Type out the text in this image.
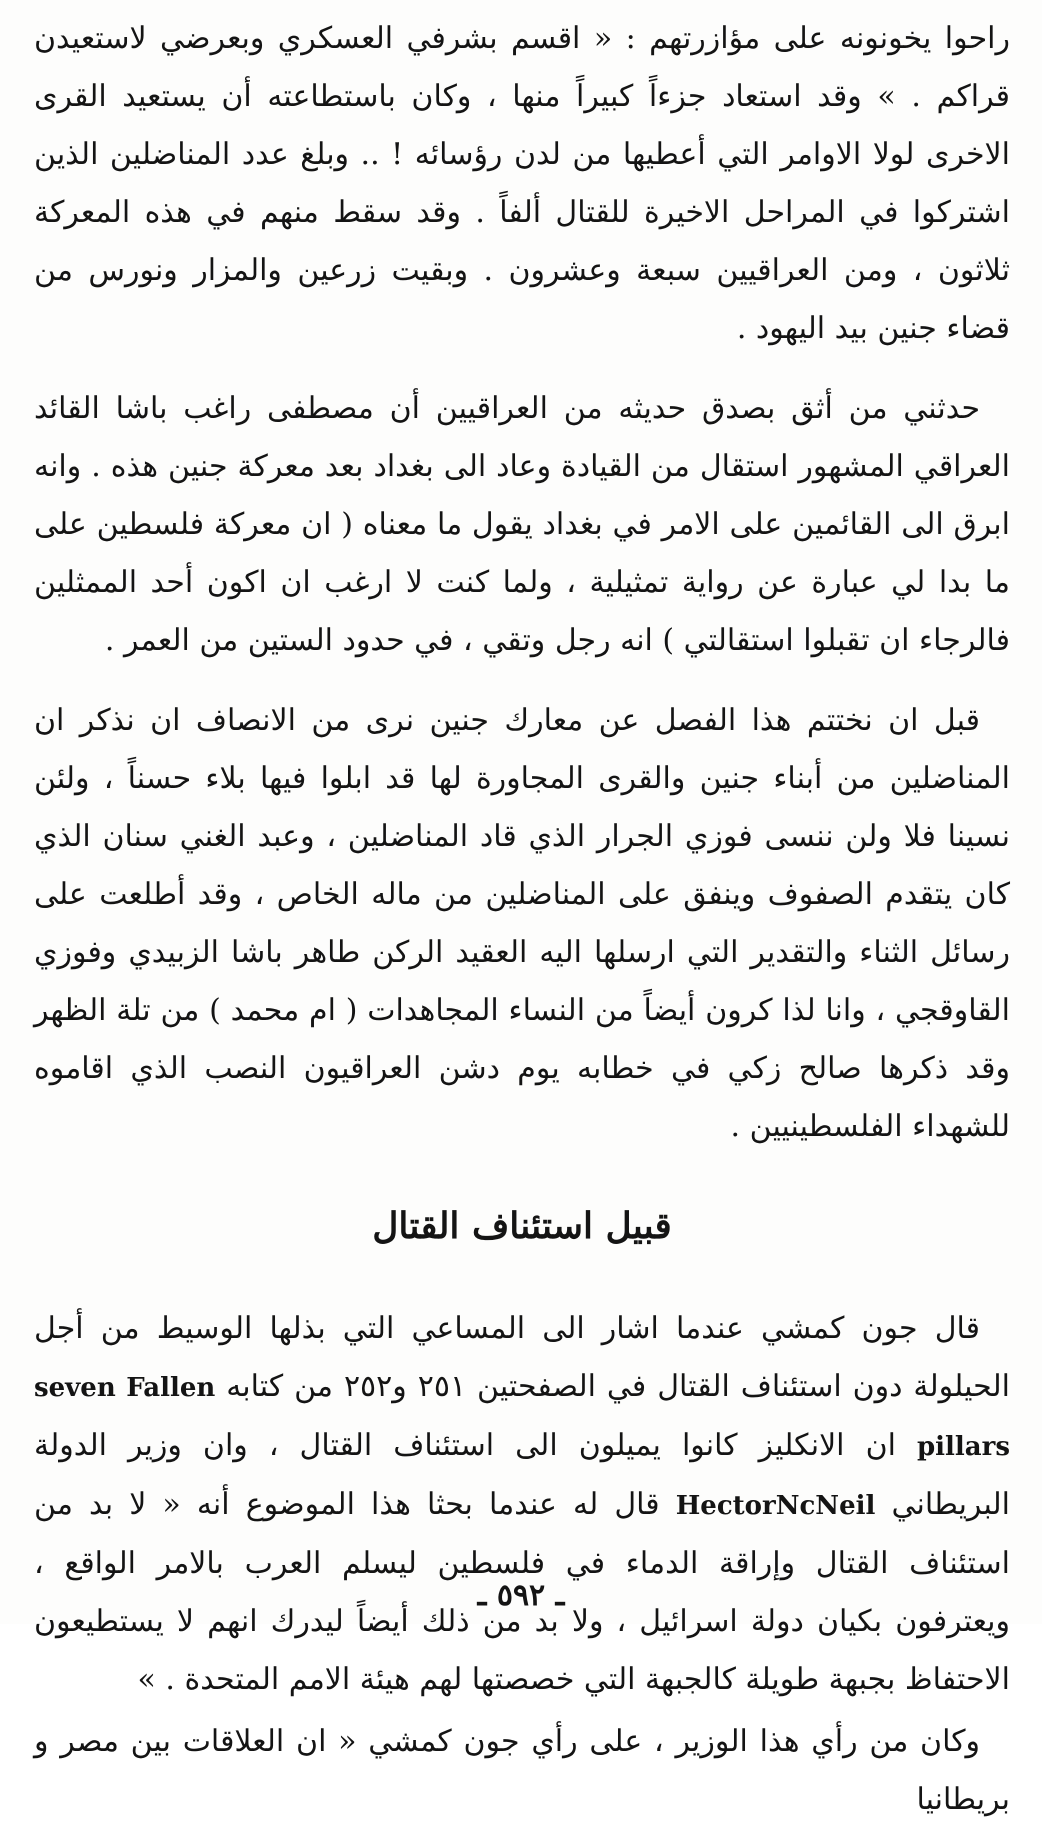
راحوا يخونونه على مؤازرتهم : « اقسم بشرفي العسكري وبعرضي لاستعيدن قراكم . » وقد استعاد جزءاً كبيراً منها ، وكان باستطاعته أن يستعيد القرى الاخرى لولا الاوامر التي أعطيها من لدن رؤسائه ! .. وبلغ عدد المناضلين الذين اشتركوا في المراحل الاخيرة للقتال ألفاً . وقد سقط منهم في هذه المعركة ثلاثون ، ومن العراقيين سبعة وعشرون . وبقيت زرعين والمزار ونورس من قضاء جنين بيد اليهود .

حدثني من أثق بصدق حديثه من العراقيين أن مصطفى راغب باشا القائد العراقي المشهور استقال من القيادة وعاد الى بغداد بعد معركة جنين هذه . وانه ابرق الى القائمين على الامر في بغداد يقول ما معناه ( ان معركة فلسطين على ما بدا لي عبارة عن رواية تمثيلية ، ولما كنت لا ارغب ان اكون أحد الممثلين فالرجاء ان تقبلوا استقالتي ) انه رجل وتقي ، في حدود الستين من العمر .

قبل ان نختتم هذا الفصل عن معارك جنين نرى من الانصاف ان نذكر ان المناضلين من أبناء جنين والقرى المجاورة لها قد ابلوا فيها بلاء حسناً ، ولئن نسينا فلا ولن ننسى فوزي الجرار الذي قاد المناضلين ، وعبد الغني سنان الذي كان يتقدم الصفوف وينفق على المناضلين من ماله الخاص ، وقد أطلعت على رسائل الثناء والتقدير التي ارسلها اليه العقيد الركن طاهر باشا الزبيدي وفوزي القاوقجي ، وانا لذا كرون أيضاً من النساء المجاهدات ( ام محمد ) من تلة الظهر وقد ذكرها صالح زكي في خطابه يوم دشن العراقيون النصب الذي اقاموه للشهداء الفلسطينيين .

قبيل استئناف القتال

قال جون كمشي عندما اشار الى المساعي التي بذلها الوسيط من أجل الحيلولة دون استئناف القتال في الصفحتين ٢٥١ و٢٥٢ من كتابه seven Fallen pillars ان الانكليز كانوا يميلون الى استئناف القتال ، وان وزير الدولة البريطاني HectorNcNeil قال له عندما بحثا هذا الموضوع أنه « لا بد من استئناف القتال وإراقة الدماء في فلسطين ليسلم العرب بالامر الواقع ، ويعترفون بكيان دولة اسرائيل ، ولا بد من ذلك أيضاً ليدرك انهم لا يستطيعون الاحتفاظ بجبهة طويلة كالجبهة التي خصصتها لهم هيئة الامم المتحدة . »

وكان من رأي هذا الوزير ، على رأي جون كمشي « ان العلاقات بين مصر و بريطانيا

ـ ٥٩٢ ـ
